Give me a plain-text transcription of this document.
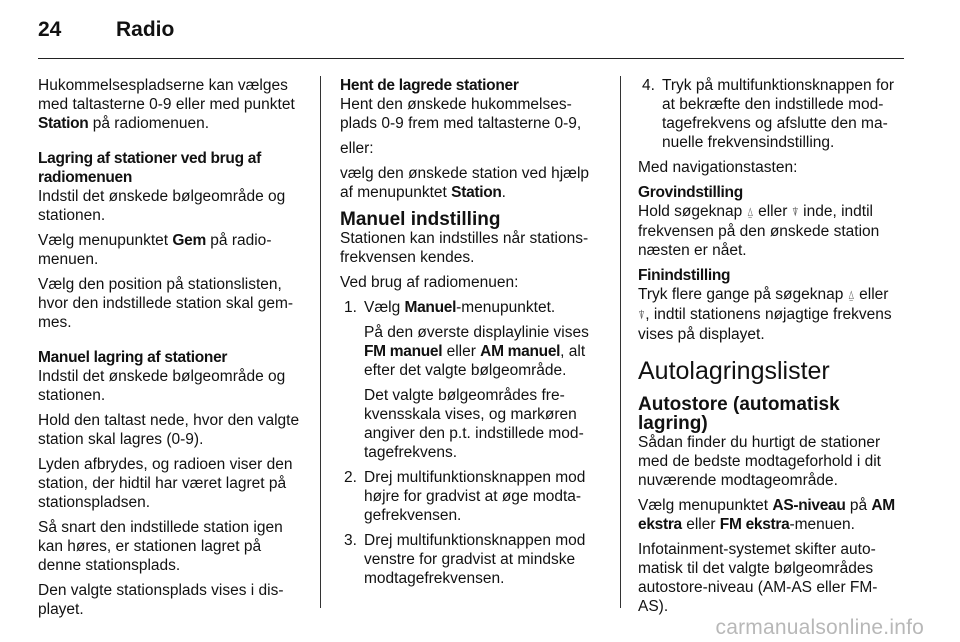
24	Radio

Hukommelsespladserne kan vælges med taltasterne 0-9 eller med punktet Station på radiomenuen.

Lagring af stationer ved brug af radiomenuen

Indstil det ønskede bølgeområde og stationen.

Vælg menupunktet Gem på radiomenuen.

Vælg den position på stationslisten, hvor den indstillede station skal gemmes.

Manuel lagring af stationer

Indstil det ønskede bølgeområde og stationen.

Hold den taltast nede, hvor den valgte station skal lagres (0-9).

Lyden afbrydes, og radioen viser den station, der hidtil har været lagret på stationspladsen.

Så snart den indstillede station igen kan høres, er stationen lagret på denne stationsplads.

Den valgte stationsplads vises i displayet.

Hent de lagrede stationer

Hent den ønskede hukommelsesplads 0-9 frem med taltasterne 0-9,

eller:

vælg den ønskede station ved hjælp af menupunktet Station.

Manuel indstilling

Stationen kan indstilles når stationsfrekvensen kendes.

Ved brug af radiomenuen:

1. Vælg Manuel-menupunktet.

På den øverste displaylinie vises FM manuel eller AM manuel, alt efter det valgte bølgeområde.

Det valgte bølgeområdes frekvensskala vises, og markøren angiver den p.t. indstillede modtagefrekvens.

2. Drej multifunktionsknappen mod højre for gradvist at øge modtagefrekvensen.
3. Drej multifunktionsknappen mod venstre for gradvist at mindske modtagefrekvensen.
4. Tryk på multifunktionsknappen for at bekræfte den indstillede modtagefrekvens og afslutte den manuelle frekvensindstilling.

Med navigationstasten:

Grovindstilling

Hold søgeknap ⍙ eller ⍒ inde, indtil frekvensen på den ønskede station næsten er nået.

Finindstilling

Tryk flere gange på søgeknap ⍙ eller ⍒, indtil stationens nøjagtige frekvens vises på displayet.

Autolagringslister

Autostore (automatisk lagring)

Sådan finder du hurtigt de stationer med de bedste modtageforhold i dit nuværende modtageområde.

Vælg menupunktet AS-niveau på AM ekstra eller FM ekstra-menuen.

Infotainment-systemet skifter automatisk til det valgte bølgeområdes autostore-niveau (AM-AS eller FM-AS).

carmanualsonline.info
